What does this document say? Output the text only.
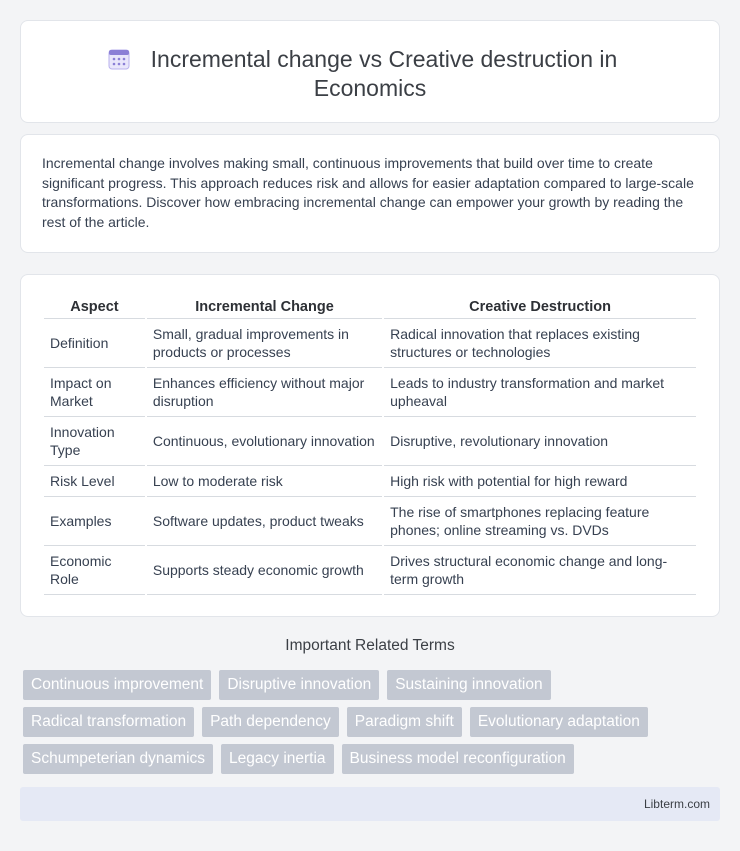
Incremental change vs Creative destruction in
Economics

Incremental change involves making small, continuous improvements that build over time to create significant progress. This approach reduces risk and allows for easier adaptation compared to large-scale transformations. Discover how embracing incremental change can empower your growth by reading the rest of the article.

Aspect	Incremental Change	Creative Destruction
Definition	Small, gradual improvements in products or processes	Radical innovation that replaces existing structures or technologies
Impact on Market	Enhances efficiency without major disruption	Leads to industry transformation and market upheaval
Innovation Type	Continuous, evolutionary innovation	Disruptive, revolutionary innovation
Risk Level	Low to moderate risk	High risk with potential for high reward
Examples	Software updates, product tweaks	The rise of smartphones replacing feature phones; online streaming vs. DVDs
Economic Role	Supports steady economic growth	Drives structural economic change and long-term growth
Important Related Terms
Continuous improvement	Disruptive innovation	Sustaining innovation
Radical transformation	Path dependency	Paradigm shift	Evolutionary adaptation
Schumpeterian dynamics	Legacy inertia	Business model reconfiguration
Libterm.com
